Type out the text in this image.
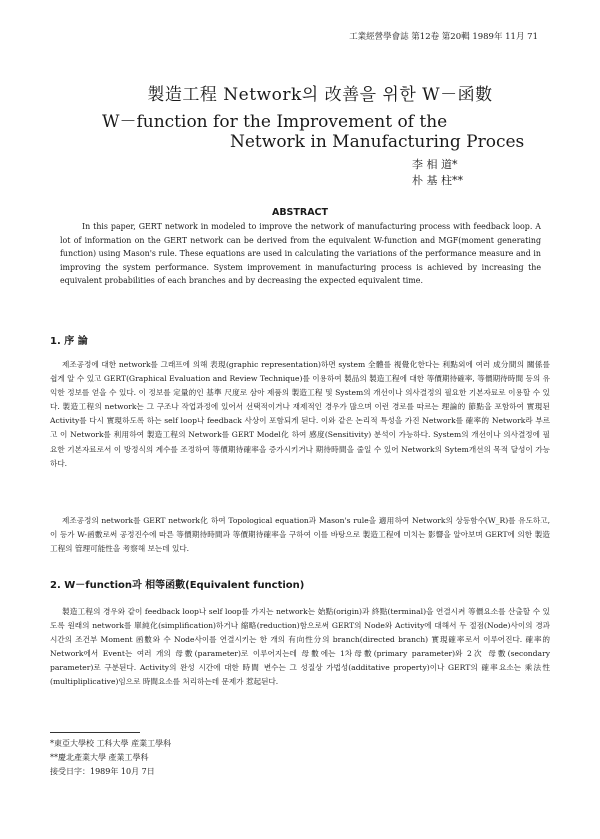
工業經營學會誌 第12卷 第20輯 1989年 11月 71
製造工程 Network의 改善을 위한 W－函數
W－function for the Improvement of the
Network in Manufacturing Proces
李 相 道*
朴 基 柱**
ABSTRACT

In this paper, GERT network in modeled to improve the network of manufacturing process with feedback loop. A lot of information on the GERT network can be derived from the equivalent W-function and MGF(moment generating function) using Mason's rule. These equations are used in calculating the variations of the performance measure and in improving the system performance. System improvement in manufacturing process is achieved by increasing the equivalent probabilities of each branches and by decreasing the expected equivalent time.

1. 序 論

제조공정에 대한 network를 그래프에 의해 表現(graphic representation)하면 system 全體를 視覺化한다는 利點외에 여러 成分間의 關係를 쉽게 알 수 있고 GERT(Graphical Evaluation and Review Technique)를 이용하여 製品의 製造工程에 대한 等價期待確率, 等價期待時間 등의 유익한 정보를 얻을 수 있다. 이 정보를 定量的인 基準 尺度로 삼아 제품의 製造工程 및 System의 개선이나 의사결정의 필요한 기본자료로 이용할 수 있다. 製造工程의 network는 그 구조나 작업과정에 있어서 선택적이거나 재제적인 경우가 많으며 이런 경로를 따르는 理論的 節點을 포함하여 實現된 Activity를 다시 實現하도록 하는 self loop나 feedback 사상이 포함되게 된다. 이와 같은 논리적 특성을 가진 Network를 確率的 Network라 부르고 이 Network를 利用하여 製造工程의 Network를 GERT Model化 하여 感度(Sensitivity) 분석이 가능하다. System의 개선이나 의사결정에 필요한 기본자료로서 이 방정식의 계수를 조정하여 等價期待確率을 증가시키거나 期待時間을 줄일 수 있어 Network의 Sytem개선의 목적 달성이 가능하다.

제조공정의 network를 GERT network化 하여 Topological equation과 Mason's rule을 適用하여 Network의 상등함수(W_R)를 유도하고, 이 등가 W-函數로써 공정진수에 따른 等價期待時間과 等價期待確率을 구하여 이를 바탕으로 製造工程에 미치는 影響을 알아보며 GERT에 의한 製造工程의 管理可能性을 考察해 보는데 있다.

2. W－function과 相等函數(Equivalent function)

製造工程의 경우와 같이 feedback loop나 self loop를 가지는 network는 始點(origin)과 終點(terminal)을 연결시켜 等價요소를 산출할 수 있도록 원래의 network를 單純化(simplification)하거나 縮略(reduction)함으로써 GERT의 Node와 Activity에 대해서 두 절점(Node)사이의 경과시간의 조건부 Moment 函數와 수 Node사이를 연결시키는 한 개의 有向性分의 branch(directed branch) 實現確率로서 이루어진다. 確率的 Network에서 Event는 여러 개의 母數(parameter)로 이루어지는데 母數에는 1차母數(primary parameter)와 2次 母數(secondary parameter)로 구분된다. Activity의 완성 시간에 대한 時間 변수는 그 성질상 가법성(additative property)이나 GERT의 確率요소는 乘法性(multipliplicative)임으로 時間요소를 처리하는데 문제가 惹起된다.

*東亞大學校 工科大學 産業工學科

**慶北產業大學 產業工學科

接受日字：1989年 10月 7日
